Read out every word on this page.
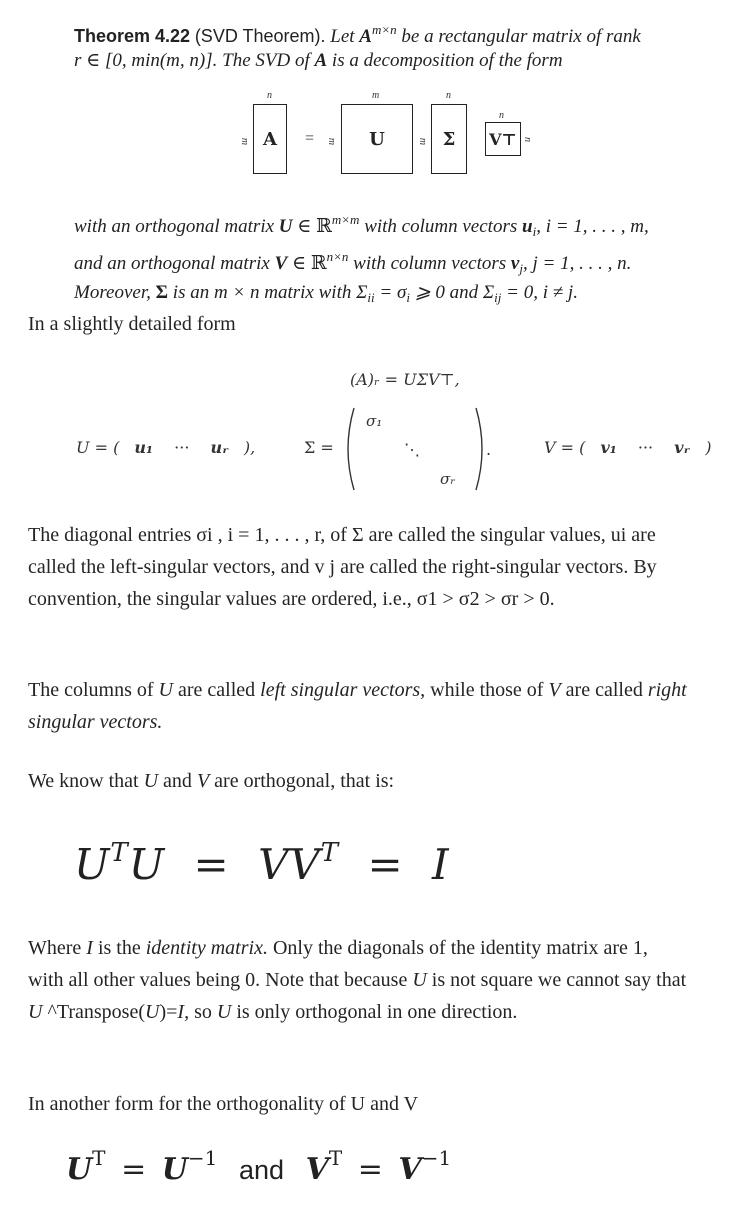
Theorem 4.22 (SVD Theorem). Let $A^{m\times n}$ be a rectangular matrix of rank
r ∈ [0, min(m, n)]. The SVD of A is a decomposition of the form
n	m	n
n
m A	= m	U	m Σ	V⊤ n
with an orthogonal matrix U ∈ ℝ$^{m\times m}$ with column vectors $u_i$, i = 1, . . . , m,
and an orthogonal matrix V ∈ ℝ$^{n\times n}$ with column vectors $v_j$, j = 1, . . . , n.
Moreover, Σ is an m × n matrix with $\Sigma_{ii} = \sigma_i$ ⩾ 0 and $\Sigma_{ij} = 0$, i ≠ j.
In a slightly detailed form
(A)ᵣ = UΣV⊤,
U = ( u₁ ··· uᵣ ),	Σ =
σ₁
⋱
σᵣ
.	V = ( v₁ ··· vᵣ )
The diagonal entries σi , i = 1, . . . , r, of Σ are called the singular values, ui are called the left-singular vectors, and v j are called the right-singular vectors. By convention, the singular values are ordered, i.e., σ1 > σ2 > σr > 0.
The columns of U are called left singular vectors, while those of V are called right singular vectors.
We know that U and V are orthogonal, that is:
$U^TU = VV^T = I$
Where I is the identity matrix. Only the diagonals of the identity matrix are 1, with all other values being 0. Note that because U is not square we cannot say that U ^Transpose(U)=I, so U is only orthogonal in one direction.
In another form for the orthogonality of U and V
$U^T = U^{-1}$ and $V^T = V^{-1}$
